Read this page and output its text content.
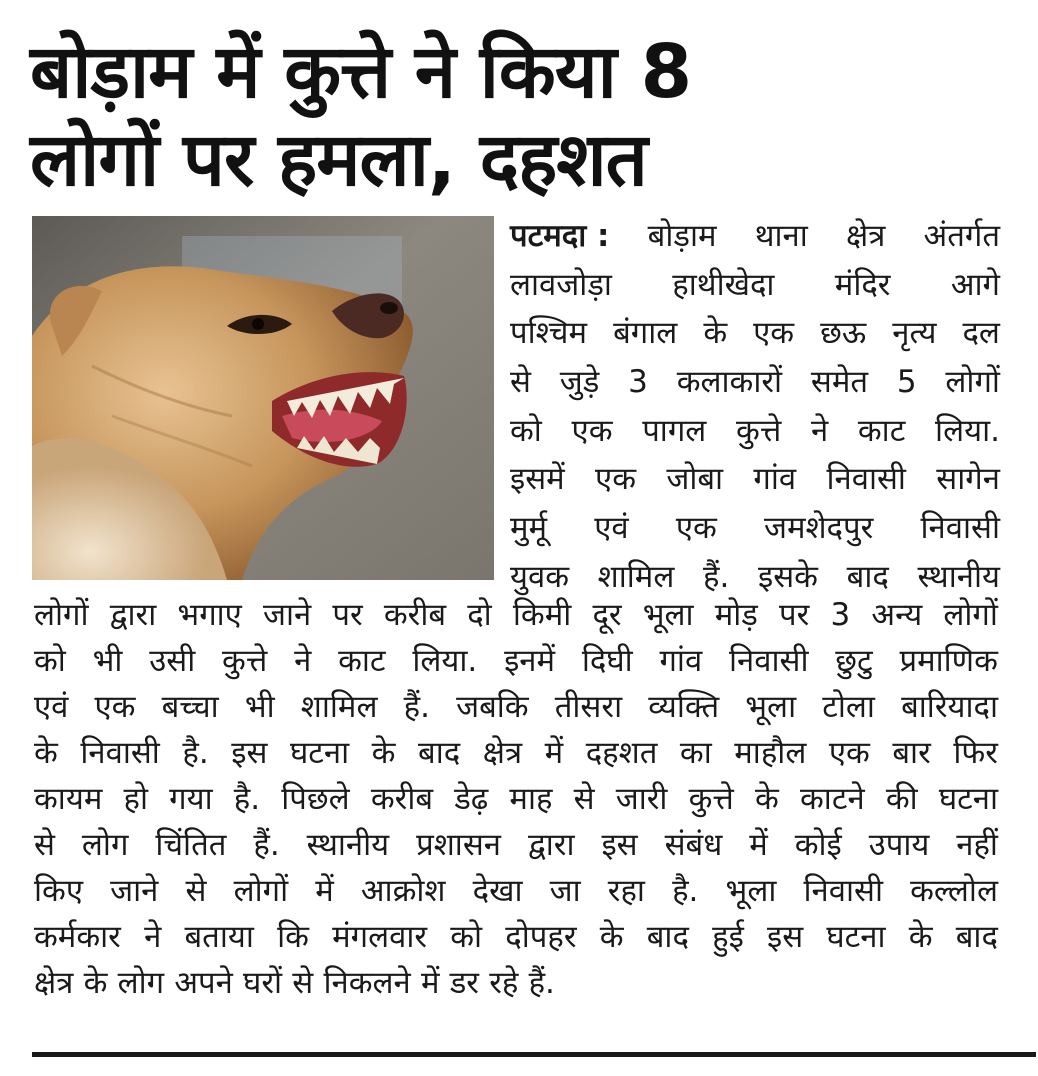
बोड़ाम में कुत्ते ने किया 8
लोगों पर हमला, दहशत
पटमदा : बोड़ाम थाना क्षेत्र अंतर्गत
लावजोड़ा हाथीखेदा मंदिर आगे
पश्चिम बंगाल के एक छऊ नृत्य दल
से जुड़े 3 कलाकारों समेत 5 लोगों
को एक पागल कुत्ते ने काट लिया.
इसमें एक जोबा गांव निवासी सागेन
मुर्मू एवं एक जमशेदपुर निवासी
युवक शामिल हैं. इसके बाद स्थानीय
लोगों द्वारा भगाए जाने पर करीब दो किमी दूर भूला मोड़ पर 3 अन्य लोगों
को भी उसी कुत्ते ने काट लिया. इनमें दिघी गांव निवासी छुटु प्रमाणिक
एवं एक बच्चा भी शामिल हैं. जबकि तीसरा व्यक्ति भूला टोला बारियादा
के निवासी है. इस घटना के बाद क्षेत्र में दहशत का माहौल एक बार फिर
कायम हो गया है. पिछले करीब डेढ़ माह से जारी कुत्ते के काटने की घटना
से लोग चिंतित हैं. स्थानीय प्रशासन द्वारा इस संबंध में कोई उपाय नहीं
किए जाने से लोगों में आक्रोश देखा जा रहा है. भूला निवासी कल्लोल
कर्मकार ने बताया कि मंगलवार को दोपहर के बाद हुई इस घटना के बाद
क्षेत्र के लोग अपने घरों से निकलने में डर रहे हैं.
